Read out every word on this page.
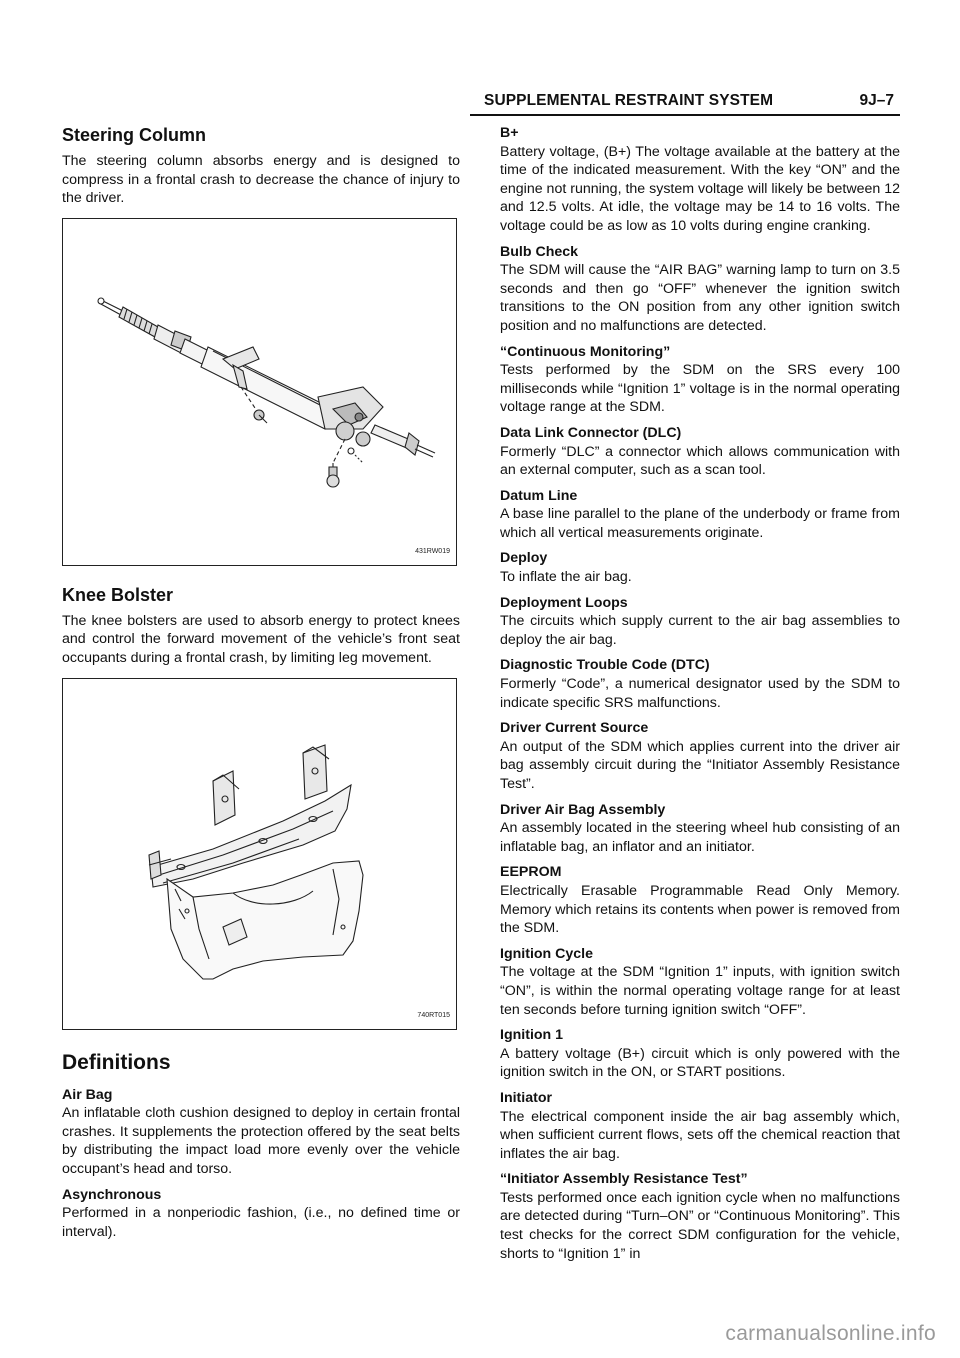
SUPPLEMENTAL RESTRAINT SYSTEM	9J–7
Steering Column

The steering column absorbs energy and is designed to compress in a frontal crash to decrease the chance of injury to the driver.

431RW019
Knee Bolster

The knee bolsters are used to absorb energy to protect knees and control the forward movement of the vehicle’s front seat occupants during a frontal crash, by limiting leg movement.

740RT015
Definitions
Air Bag

An inflatable cloth cushion designed to deploy in certain frontal crashes. It supplements the protection offered by the seat belts by distributing the impact load more evenly over the vehicle occupant’s head and torso.

Asynchronous

Performed in a nonperiodic fashion, (i.e., no defined time or interval).

B+

Battery voltage, (B+) The voltage available at the battery at the time of the indicated measurement. With the key “ON” and the engine not running, the system voltage will likely be between 12 and 12.5 volts. At idle, the voltage may be 14 to 16 volts. The voltage could be as low as 10 volts during engine cranking.

Bulb Check

The SDM will cause the “AIR BAG” warning lamp to turn on 3.5 seconds and then go “OFF” whenever the ignition switch transitions to the ON position from any other ignition switch position and no malfunctions are detected.

“Continuous Monitoring”

Tests performed by the SDM on the SRS every 100 milliseconds while “Ignition 1” voltage is in the normal operating voltage range at the SDM.

Data Link Connector (DLC)

Formerly “DLC” a connector which allows communication with an external computer, such as a scan tool.

Datum Line

A base line parallel to the plane of the underbody or frame from which all vertical measurements originate.

Deploy

To inflate the air bag.

Deployment Loops

The circuits which supply current to the air bag assemblies to deploy the air bag.

Diagnostic Trouble Code (DTC)

Formerly “Code”, a numerical designator used by the SDM to indicate specific SRS malfunctions.

Driver Current Source

An output of the SDM which applies current into the driver air bag assembly circuit during the “Initiator Assembly Resistance Test”.

Driver Air Bag Assembly

An assembly located in the steering wheel hub consisting of an inflatable bag, an inflator and an initiator.

EEPROM

Electrically Erasable Programmable Read Only Memory. Memory which retains its contents when power is removed from the SDM.

Ignition Cycle

The voltage at the SDM “Ignition 1” inputs, with ignition switch “ON”, is within the normal operating voltage range for at least ten seconds before turning ignition switch “OFF”.

Ignition 1

A battery voltage (B+) circuit which is only powered with the ignition switch in the ON, or START positions.

Initiator

The electrical component inside the air bag assembly which, when sufficient current flows, sets off the chemical reaction that inflates the air bag.

“Initiator Assembly Resistance Test”

Tests performed once each ignition cycle when no malfunctions are detected during “Turn–ON” or “Continuous Monitoring”. This test checks for the correct SDM configuration for the vehicle, shorts to “Ignition 1” in

carmanualsonline.info
